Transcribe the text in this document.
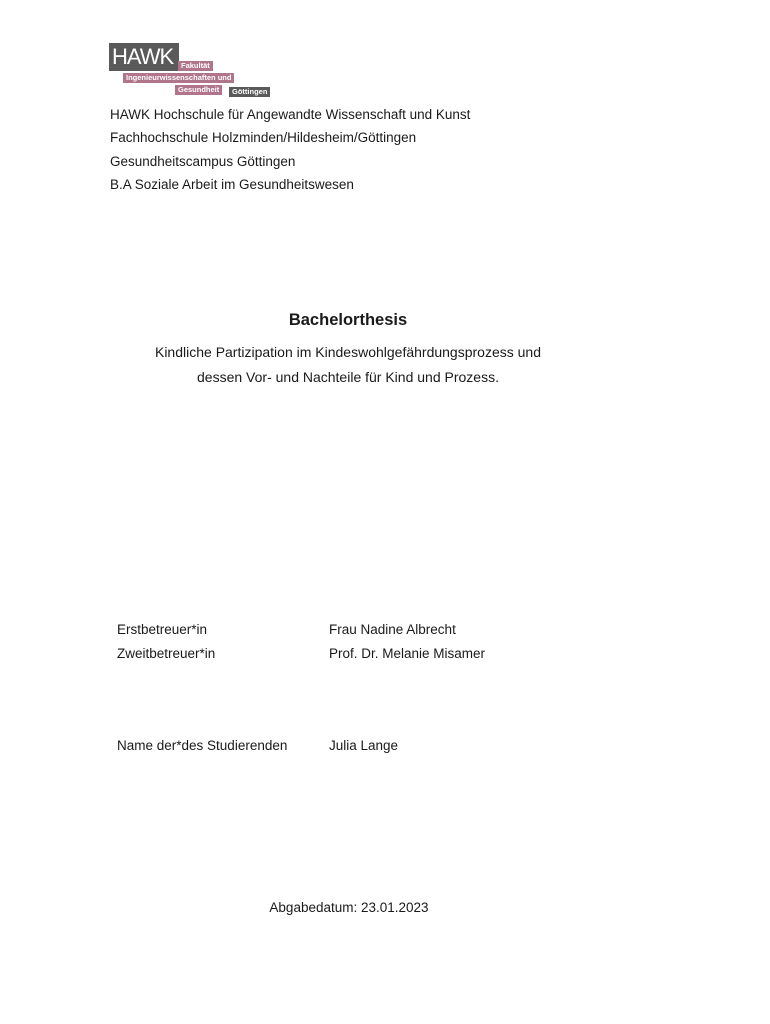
HAWK	Fakultät
Ingenieurwissenschaften und
Gesundheit	Göttingen
HAWK Hochschule für Angewandte Wissenschaft und Kunst
Fachhochschule Holzminden/Hildesheim/Göttingen
Gesundheitscampus Göttingen
B.A Soziale Arbeit im Gesundheitswesen
Bachelorthesis
Kindliche Partizipation im Kindeswohlgefährdungsprozess und
dessen Vor- und Nachteile für Kind und Prozess.
Erstbetreuer*in	Frau Nadine Albrecht
Zweitbetreuer*in	Prof. Dr. Melanie Misamer
Name der*des Studierenden	Julia Lange
Abgabedatum: 23.01.2023
